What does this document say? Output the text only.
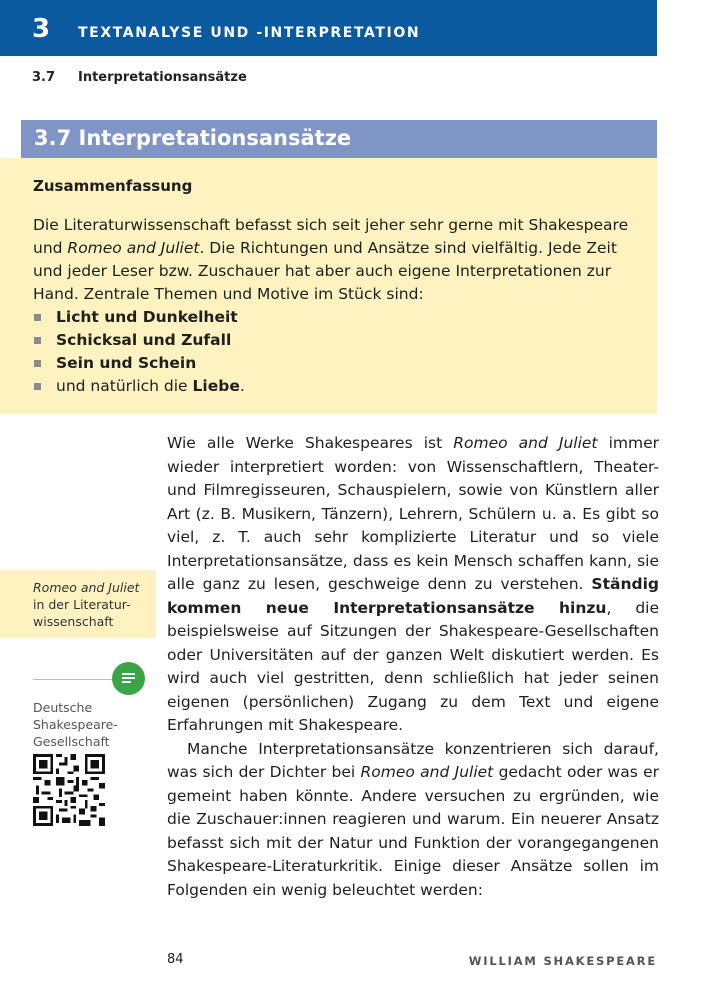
3 TEXTANALYSE UND -INTERPRETATION
3.7 Interpretationsansätze
3.7 Interpretationsansätze
Zusammenfassung

Die Literaturwissenschaft befasst sich seit jeher sehr gerne mit Shakespeare und Romeo and Juliet. Die Richtungen und Ansätze sind vielfältig. Jede Zeit und jeder Leser bzw. Zuschauer hat aber auch eigene Interpretationen zur Hand. Zentrale Themen und Motive im Stück sind:

Licht und Dunkelheit
Schicksal und Zufall
Sein und Schein
und natürlich die Liebe.

Wie alle Werke Shakespeares ist Romeo and Juliet immer wieder interpretiert worden: von Wissenschaftlern, Theater- und Filmregisseuren, Schauspielern, sowie von Künstlern aller Art (z. B. Musikern, Tänzern), Lehrern, Schülern u. a. Es gibt so viel, z. T. auch sehr komplizierte Literatur und so viele Interpretationsansätze, dass es kein Mensch schaffen kann, sie alle ganz zu lesen, geschweige denn zu verstehen. Ständig kommen neue Interpretationsansätze hinzu, die beispielsweise auf Sitzungen der Shakespeare-Gesellschaften oder Universitäten auf der ganzen Welt diskutiert werden. Es wird auch viel gestritten, denn schließlich hat jeder seinen eigenen (persönlichen) Zugang zu dem Text und eigene Erfahrungen mit Shakespeare.

Manche Interpretationsansätze konzentrieren sich darauf, was sich der Dichter bei Romeo and Juliet gedacht oder was er gemeint haben könnte. Andere versuchen zu ergründen, wie die Zuschauer:innen reagieren und warum. Ein neuerer Ansatz befasst sich mit der Natur und Funktion der vorangegangenen Shakespeare-Literaturkritik. Einige dieser Ansätze sollen im Folgenden ein wenig beleuchtet werden:

Romeo and Juliet
in der Literatur-
wissenschaft
Deutsche
Shakespeare-
Gesellschaft
84	WILLIAM SHAKESPEARE
